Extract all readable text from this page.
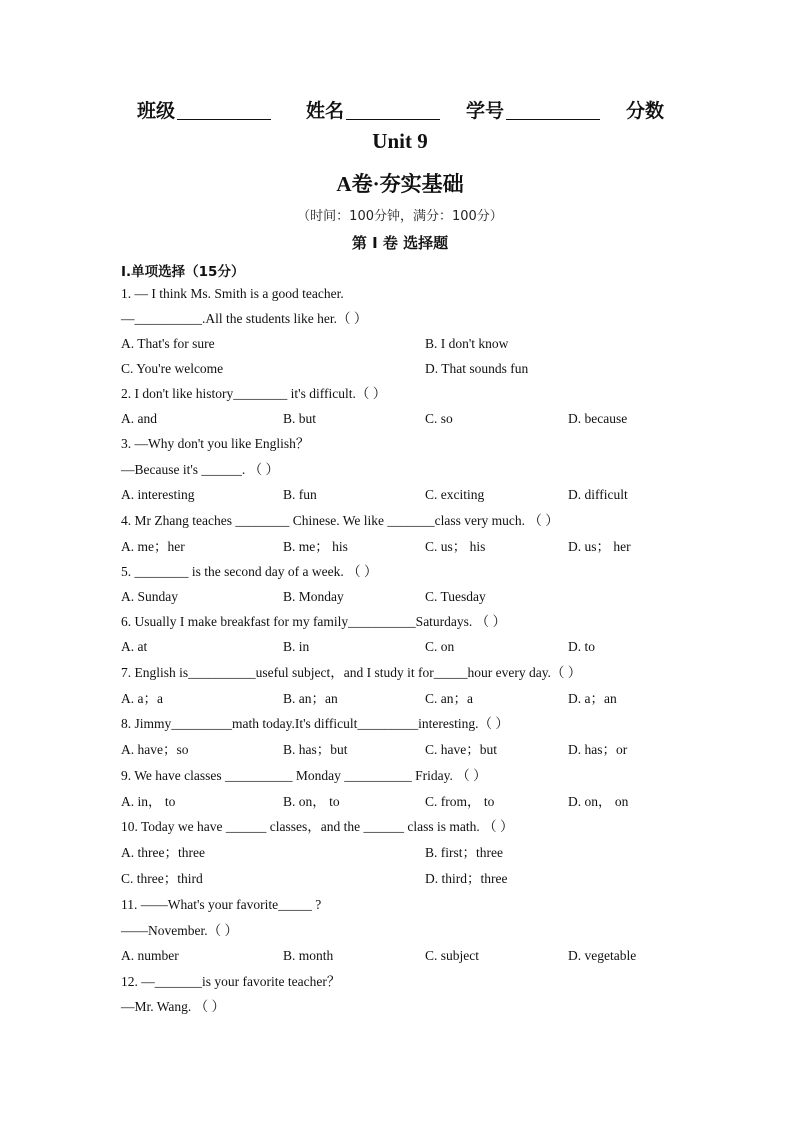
班级	姓名	学号	分数
Unit 9
A卷·夯实基础
（时间：100分钟，满分：100分）
第 I 卷 选择题
I.单项选择（15分）
1. — I think Ms. Smith is a good teacher.
—__________.All the students like her.（ ）
A. That's for sure	B. I don't know
C. You're welcome	D. That sounds fun
2. I don't like history________ it's difficult.（ ）
A. and	B. but	C. so	D. because
3. —Why don't you like English？
—Because it's ______. （ ）
A. interesting	B. fun	C. exciting	D. difficult
4. Mr Zhang teaches ________ Chinese. We like _______class very much. （ ）
A. me；her	B. me； his	C. us； his	D. us； her
5. ________ is the second day of a week. （ ）
A. Sunday	B. Monday	C. Tuesday
6. Usually I make breakfast for my family__________Saturdays. （ ）
A. at	B. in	C. on	D. to
7. English is__________useful subject，and I study it for_____hour every day.（ ）
A. a；a	B. an；an	C. an；a	D. a；an
8. Jimmy_________math today.It's difficult_________interesting.（ ）
A. have；so	B. has；but	C. have；but	D. has；or
9. We have classes __________ Monday __________ Friday. （ ）
A. in， to	B. on， to	C. from， to	D. on， on
10. Today we have ______ classes，and the ______ class is math. （ ）
A. three；three	B. first；three
C. three；third	D. third；three
11. ——What's your favorite_____ ?
——November.（ ）
A. number	B. month	C. subject	D. vegetable
12. —_______is your favorite teacher？
—Mr. Wang. （ ）
